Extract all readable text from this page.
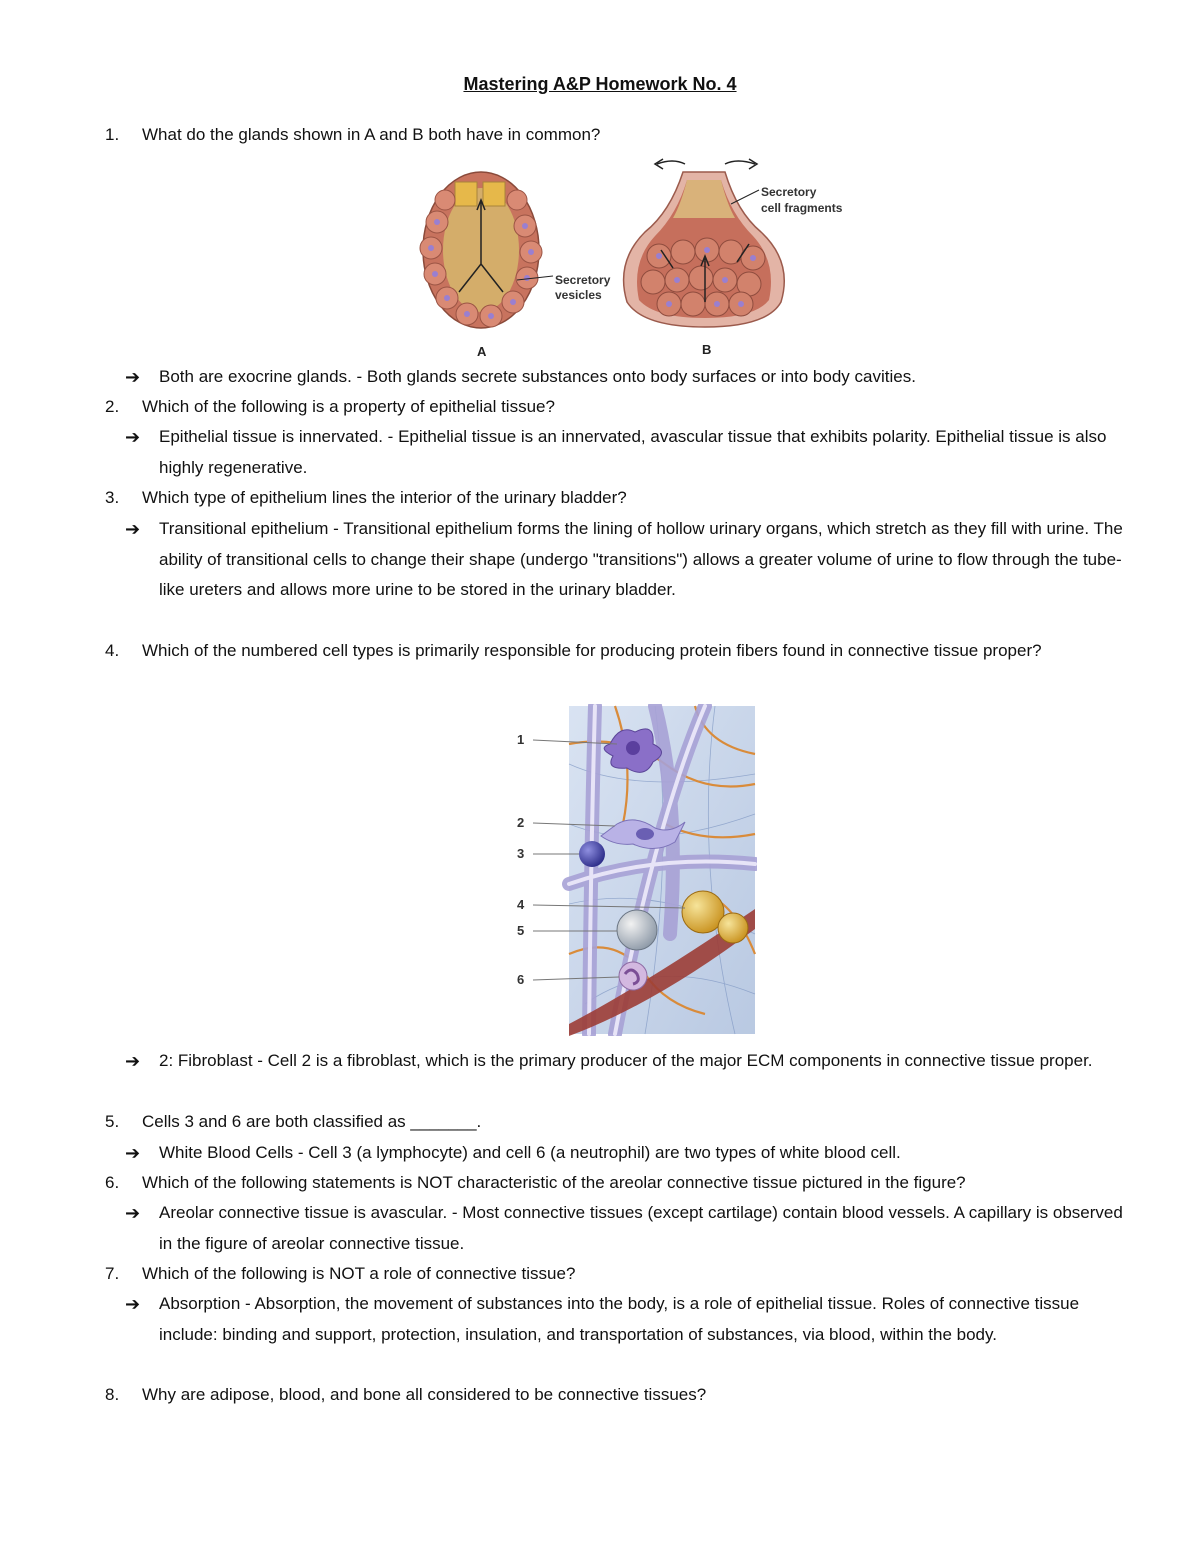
Mastering A&P Homework No. 4
1.	What do the glands shown in A and B both have in common?
Secretory
vesicles
A
Secretory
cell fragments
B
➔	Both are exocrine glands. - Both glands secrete substances onto body surfaces or into body cavities.
2.	Which of the following is a property of epithelial tissue?
➔	Epithelial tissue is innervated. - Epithelial tissue is an innervated, avascular tissue that exhibits polarity. Epithelial tissue is also highly regenerative.
3.	Which type of epithelium lines the interior of the urinary bladder?
➔	Transitional epithelium - Transitional epithelium forms the lining of hollow urinary organs, which stretch as they fill with urine. The ability of transitional cells to change their shape (undergo "transitions") allows a greater volume of urine to flow through the tube-like ureters and allows more urine to be stored in the urinary bladder.
4.	Which of the numbered cell types is primarily responsible for producing protein fibers found in connective tissue proper?
1
2
3
4
5
6
➔	2: Fibroblast - Cell 2 is a fibroblast, which is the primary producer of the major ECM components in connective tissue proper.
5.	Cells 3 and 6 are both classified as _______.
➔	White Blood Cells - Cell 3 (a lymphocyte) and cell 6 (a neutrophil) are two types of white blood cell.
6.	Which of the following statements is NOT characteristic of the areolar connective tissue pictured in the figure?
➔	Areolar connective tissue is avascular. - Most connective tissues (except cartilage) contain blood vessels. A capillary is observed in the figure of areolar connective tissue.
7.	Which of the following is NOT a role of connective tissue?
➔	Absorption - Absorption, the movement of substances into the body, is a role of epithelial tissue. Roles of connective tissue include: binding and support, protection, insulation, and transportation of substances, via blood, within the body.
8.	Why are adipose, blood, and bone all considered to be connective tissues?
